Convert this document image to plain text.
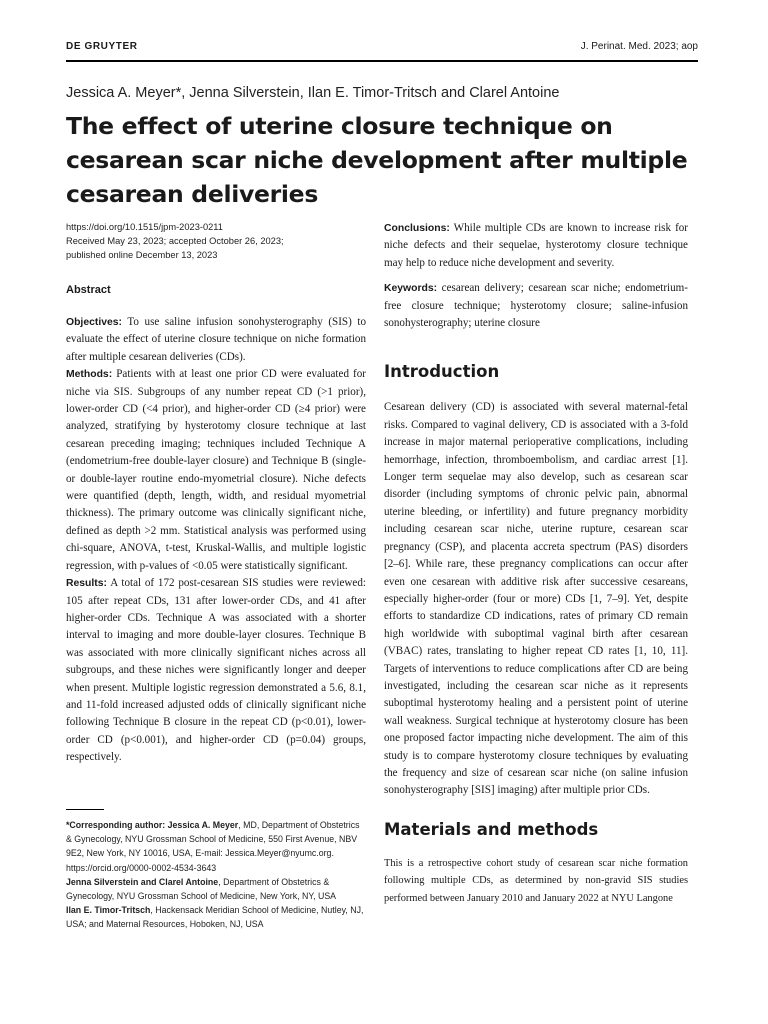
DE GRUYTER	J. Perinat. Med. 2023; aop
Jessica A. Meyer*, Jenna Silverstein, Ilan E. Timor-Tritsch and Clarel Antoine
The effect of uterine closure technique on cesarean scar niche development after multiple cesarean deliveries
https://doi.org/10.1515/jpm-2023-0211
Received May 23, 2023; accepted October 26, 2023;
published online December 13, 2023
Abstract

Objectives: To use saline infusion sonohysterography (SIS) to evaluate the effect of uterine closure technique on niche formation after multiple cesarean deliveries (CDs).

Methods: Patients with at least one prior CD were evaluated for niche via SIS. Subgroups of any number repeat CD (>1 prior), lower-order CD (<4 prior), and higher-order CD (≥4 prior) were analyzed, stratifying by hysterotomy closure technique at last cesarean preceding imaging; techniques included Technique A (endometrium-free double-layer closure) and Technique B (single- or double-layer routine endo-myometrial closure). Niche defects were quantified (depth, length, width, and residual myometrial thickness). The primary outcome was clinically significant niche, defined as depth >2 mm. Statistical analysis was performed using chi-square, ANOVA, t-test, Kruskal-Wallis, and multiple logistic regression, with p-values of <0.05 were statistically significant.

Results: A total of 172 post-cesarean SIS studies were reviewed: 105 after repeat CDs, 131 after lower-order CDs, and 41 after higher-order CDs. Technique A was associated with a shorter interval to imaging and more double-layer closures. Technique B was associated with more clinically significant niches across all subgroups, and these niches were significantly longer and deeper when present. Multiple logistic regression demonstrated a 5.6, 8.1, and 11-fold increased adjusted odds of clinically significant niche following Technique B closure in the repeat CD (p<0.01), lower-order CD (p<0.001), and higher-order CD (p=0.04) groups, respectively.

*Corresponding author: Jessica A. Meyer, MD, Department of Obstetrics & Gynecology, NYU Grossman School of Medicine, 550 First Avenue, NBV 9E2, New York, NY 10016, USA, E-mail: Jessica.Meyer@nyumc.org. https://orcid.org/0000-0002-4534-3643

Jenna Silverstein and Clarel Antoine, Department of Obstetrics & Gynecology, NYU Grossman School of Medicine, New York, NY, USA

Ilan E. Timor-Tritsch, Hackensack Meridian School of Medicine, Nutley, NJ, USA; and Maternal Resources, Hoboken, NJ, USA

Conclusions: While multiple CDs are known to increase risk for niche defects and their sequelae, hysterotomy closure technique may help to reduce niche development and severity.

Keywords: cesarean delivery; cesarean scar niche; endometrium-free closure technique; hysterotomy closure; saline-infusion sonohysterography; uterine closure

Introduction

Cesarean delivery (CD) is associated with several maternal-fetal risks. Compared to vaginal delivery, CD is associated with a 3-fold increase in major maternal perioperative complications, including hemorrhage, infection, thromboembolism, and cardiac arrest [1]. Longer term sequelae may also develop, such as cesarean scar disorder (including symptoms of chronic pelvic pain, abnormal uterine bleeding, or infertility) and future pregnancy morbidity including cesarean scar niche, uterine rupture, cesarean scar pregnancy (CSP), and placenta accreta spectrum (PAS) disorders [2–6]. While rare, these pregnancy complications can occur after even one cesarean with additive risk after successive cesareans, especially higher-order (four or more) CDs [1, 7–9]. Yet, despite efforts to standardize CD indications, rates of primary CD remain high worldwide with suboptimal vaginal birth after cesarean (VBAC) rates, translating to higher repeat CD rates [1, 10, 11]. Targets of interventions to reduce complications after CD are being investigated, including the cesarean scar niche as it represents suboptimal hysterotomy healing and a persistent point of uterine wall weakness. Surgical technique at hysterotomy closure has been one proposed factor impacting niche development. The aim of this study is to compare hysterotomy closure techniques by evaluating the frequency and size of cesarean scar niche (on saline infusion sonohysterography [SIS] imaging) after multiple prior CDs.

Materials and methods

This is a retrospective cohort study of cesarean scar niche formation following multiple CDs, as determined by non-gravid SIS studies performed between January 2010 and January 2022 at NYU Langone
